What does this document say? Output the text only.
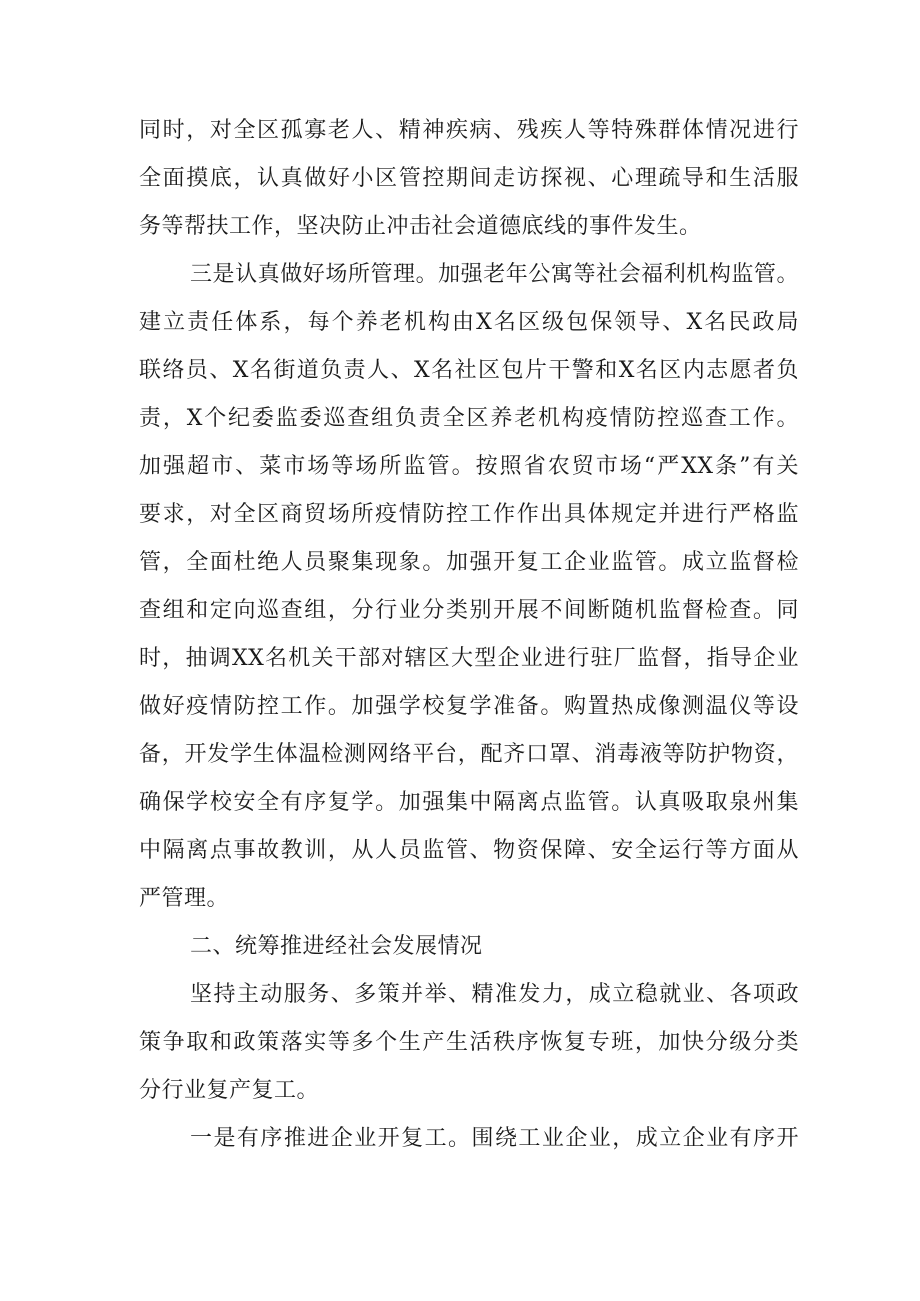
同时，对全区孤寡老人、精神疾病、残疾人等特殊群体情况进行
全面摸底，认真做好小区管控期间走访探视、心理疏导和生活服
务等帮扶工作，坚决防止冲击社会道德底线的事件发生。
三是认真做好场所管理。加强老年公寓等社会福利机构监管。
建立责任体系，每个养老机构由X名区级包保领导、X名民政局
联络员、X名街道负责人、X名社区包片干警和X名区内志愿者负
责，X个纪委监委巡查组负责全区养老机构疫情防控巡查工作。
加强超市、菜市场等场所监管。按照省农贸市场“严XX条”有关
要求，对全区商贸场所疫情防控工作作出具体规定并进行严格监
管，全面杜绝人员聚集现象。加强开复工企业监管。成立监督检
查组和定向巡查组，分行业分类别开展不间断随机监督检查。同
时，抽调XX名机关干部对辖区大型企业进行驻厂监督，指导企业
做好疫情防控工作。加强学校复学准备。购置热成像测温仪等设
备，开发学生体温检测网络平台，配齐口罩、消毒液等防护物资，
确保学校安全有序复学。加强集中隔离点监管。认真吸取泉州集
中隔离点事故教训，从人员监管、物资保障、安全运行等方面从
严管理。
二、统筹推进经社会发展情况
坚持主动服务、多策并举、精准发力，成立稳就业、各项政
策争取和政策落实等多个生产生活秩序恢复专班，加快分级分类
分行业复产复工。
一是有序推进企业开复工。围绕工业企业，成立企业有序开
